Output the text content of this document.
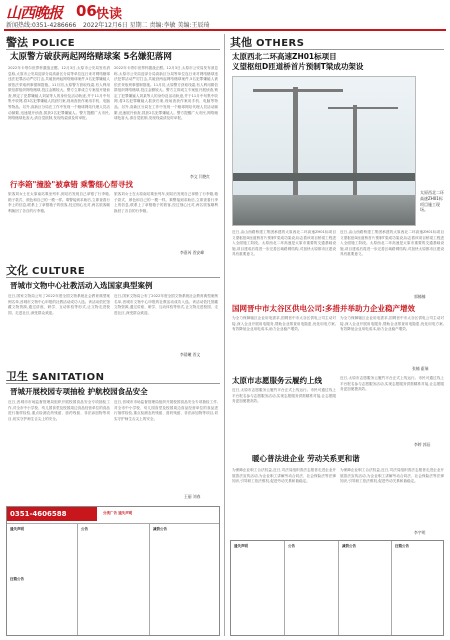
山西晚报 06 快读
新闻热线:0351-4286666 2022年12月6日 星期二 责编:李敏 美编:王辰琦
警法 POLICE
太原警方破获两起网络赌球案 5名嫌犯落网
2022年卡塔尔世界杯激战正酣。12月3日,太原市公安局发布消息称,太原市公安局迎泽分局高新区分局等单位连日来对网络赌球违法犯罪活动严厉打击,共破获两起网络赌球案件,5名犯罪嫌疑人被依法采取刑事强制措施。11月初,太原警方获取线索,有人利用微信群组织网络赌球,投注金额较大。警方立即成立专案组开展侦查,锁定了犯罪嫌疑人刘某等人的身份及活动轨迹,并于11月中旬集中收网,将3名犯罪嫌疑人抓获归案,现场查获作案用手机、电脑等物品。另外,高新区分局在工作中发现一个赌球网站代理人员活动频繁,迅速展开侦查,抓获2名犯罪嫌疑人。警方提醒广大市民,网络赌球危害大,请自觉抵制,发现线索请及时举报。
2022年卡塔尔世界杯激战正酣。12月3日,太原市公安局发布消息称,太原市公安局迎泽分局高新区分局等单位连日来对网络赌球违法犯罪活动严厉打击,共破获两起网络赌球案件,5名犯罪嫌疑人被依法采取刑事强制措施。11月初,太原警方获取线索,有人利用微信群组织网络赌球,投注金额较大。警方立即成立专案组开展侦查,锁定了犯罪嫌疑人刘某等人的身份及活动轨迹,并于11月中旬集中收网,将3名犯罪嫌疑人抓获归案,现场查获作案用手机、电脑等物品。另外,高新区分局在工作中发现一个赌球网站代理人员活动频繁,迅速展开侦查,抓获2名犯罪嫌疑人。警方提醒广大市民,网络赌球危害大,请自觉抵制,发现线索请及时举报。
李文 闫艳红
行李箱"撞脸"被拿错 乘警细心帮寻找
旅客刘女士在太原南站乘坐列车,到站后发现自己拿错了行李箱,箱子款式、颜色和自己的一模一样。乘警接到求助后,立即查看行李上的信息,联系上了拿错箱子的旅客,经过细心比对,两名旅客顺利换回了各自的行李箱。
旅客刘女士在太原南站乘坐列车,到站后发现自己拿错了行李箱,箱子款式、颜色和自己的一模一样。乘警接到求助后,立即查看行李上的信息,联系上了拿错箱子的旅客,经过细心比对,两名旅客顺利换回了各自的行李箱。
李嘉芮 晋安峰
文化 CULTURE
晋城市文物中心社教活动入选国家典型案例
近日,国家文物局公布了2022年度全国文物系统社会教育典型案例名单,晋城市文物中心申报的社教活动成功入选。该活动依托馆藏文物资源,通过讲座、研学、互动体验等形式,让文物走进校园、走进社区,深受群众欢迎。
近日,国家文物局公布了2022年度全国文物系统社会教育典型案例名单,晋城市文物中心申报的社教活动成功入选。该活动依托馆藏文物资源,通过讲座、研学、互动体验等形式,让文物走进校园、走进社区,深受群众欢迎。
李晨曦 晋文
卫生 SANITATION
晋城开展校园专项抽检 护航校园食品安全
近日,晋城市市场监督管理局组织开展校园食品安全专项抽检工作,对全市中小学校、幼儿园食堂及校园周边食品经营单位的食品进行抽样检验,重点检测农药残留、兽药残留、非法添加物等项目,切实守护师生舌尖上的安全。
近日,晋城市市场监督管理局组织开展校园食品安全专项抽检工作,对全市中小学校、幼儿园食堂及校园周边食品经营单位的食品进行抽样检验,重点检测农药残留、兽药残留、非法添加物等项目,切实守护师生舌尖上的安全。
王丽 刘春
0351-4606588	分类广告 遗失声明
遗失声明	公告	减资公告
注销公告
其他 OTHERS
太原西北二环高速ZH01标项目
义望枢纽D匝道桥首片预制T梁成功架设
太原西北二环高速ZH01标项目施工现场。
近日,由山西路桥建工集团承建的太原西北二环高速ZH01标项目义望枢纽D匝道桥首片预制T梁成功架设,标志着该项目桥梁工程进入全面施工阶段。太原西北二环高速是太原市重要的交通基础设施,项目建成后将进一步完善区域路网结构,对加快太原都市区建设具有重要意义。
近日,由山西路桥建工集团承建的太原西北二环高速ZH01标项目义望枢纽D匝道桥首片预制T梁成功架设,标志着该项目桥梁工程进入全面施工阶段。太原西北二环高速是太原市重要的交通基础设施,项目建成后将进一步完善区域路网结构,对加快太原都市区建设具有重要意义。
郭楠楠
国网晋中市太谷区供电公司:多措并举助力企业稳产增效
为全力保障辖区企业用电需求,国网晋中市太谷区供电公司主动对接,深入企业开展用电服务,帮助企业排查用电隐患,优化用电方案,有效降低企业用电成本,助力企业稳产增效。
为全力保障辖区企业用电需求,国网晋中市太谷区供电公司主动对接,深入企业开展用电服务,帮助企业排查用电隐患,优化用电方案,有效降低企业用电成本,助力企业稳产增效。
张楠 霍瑞
太原市志愿服务云履约上线
近日,太原市志愿服务云履约平台正式上线运行。市民可通过线上平台报名参与志愿服务活动,实现志愿服务供需精准对接,让志愿服务更加便捷高效。
近日,太原市志愿服务云履约平台正式上线运行。市民可通过线上平台报名参与志愿服务活动,实现志愿服务供需精准对接,让志愿服务更加便捷高效。
李婷 郭辰
暖心普法进企业 劳动关系更和谐
为保障企业职工合法权益,近日,司法局组织普法志愿者走进企业开展普法宣传活动,为企业职工讲解劳动合同法、社会保险法等法律知识,引导职工依法维权,促进劳动关系和谐稳定。
为保障企业职工合法权益,近日,司法局组织普法志愿者走进企业开展普法宣传活动,为企业职工讲解劳动合同法、社会保险法等法律知识,引导职工依法维权,促进劳动关系和谐稳定。
李宇明
遗失声明	公告	减资公告	注销公告
